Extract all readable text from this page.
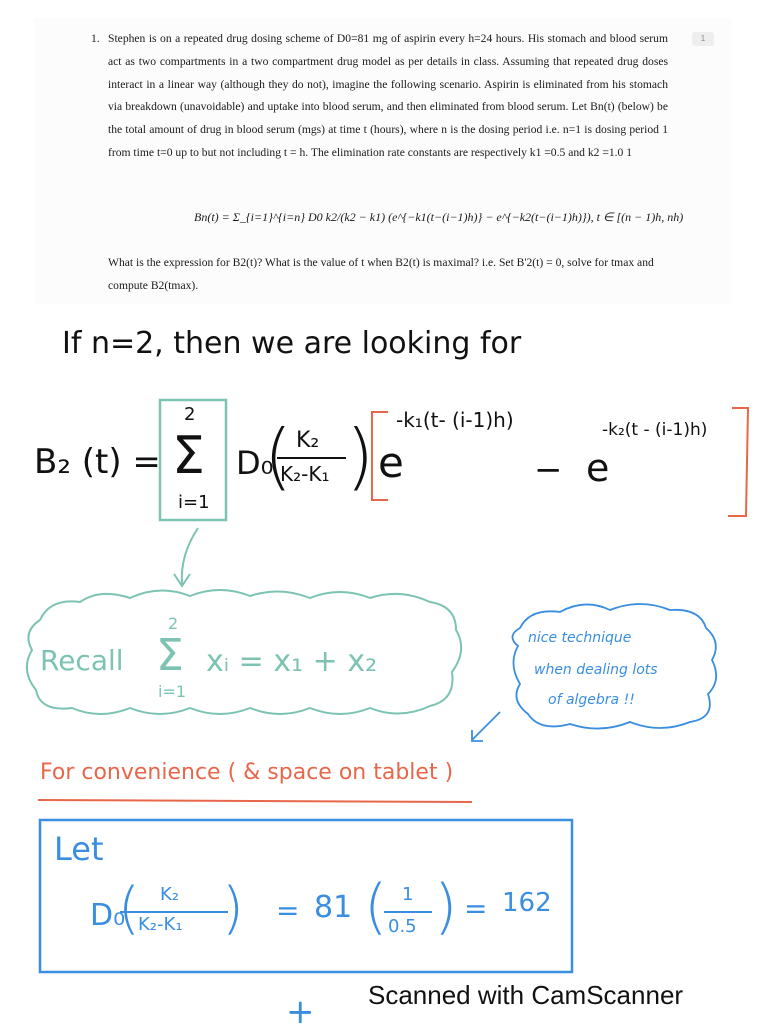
1
1. Stephen is on a repeated drug dosing scheme of D0=81 mg of aspirin every h=24 hours. His stomach and blood serum act as two compartments in a two compartment drug model as per details in class. Assuming that repeated drug doses interact in a linear way (although they do not), imagine the following scenario. Aspirin is eliminated from his stomach via breakdown (unavoidable) and uptake into blood serum, and then eliminated from blood serum. Let Bn(t) (below) be the total amount of drug in blood serum (mgs) at time t (hours), where n is the dosing period i.e. n=1 is dosing period 1 from time t=0 up to but not including t = h. The elimination rate constants are respectively k1 =0.5 and k2 =1.0 1
Bn(t) = Σ_{i=1}^{i=n} D0 k2/(k2 − k1) (e^{−k1(t−(i−1)h)} − e^{−k2(t−(i−1)h)}), t ∈ [(n − 1)h, nh)
What is the expression for B2(t)? What is the value of t when B2(t) is maximal? i.e. Set B'2(t) = 0, solve for tmax and compute B2(tmax).
If n=2, then we are looking for
B₂ (t) =
2
Σ
i=1
D₀
( K₂
K₂-K₁ ) e
-k₁(t- (i-1)h)
− e
-k₂(t - (i-1)h)
Recall
2
Σ
i=1
xᵢ = x₁ + x₂
nice technique
when dealing lots
of algebra !!
For convenience ( & space on tablet )
Let
D₀
( K₂
K₂-K₁ ) = 81 ( 1
0.5 ) = 162
+ Scanned with CamScanner
